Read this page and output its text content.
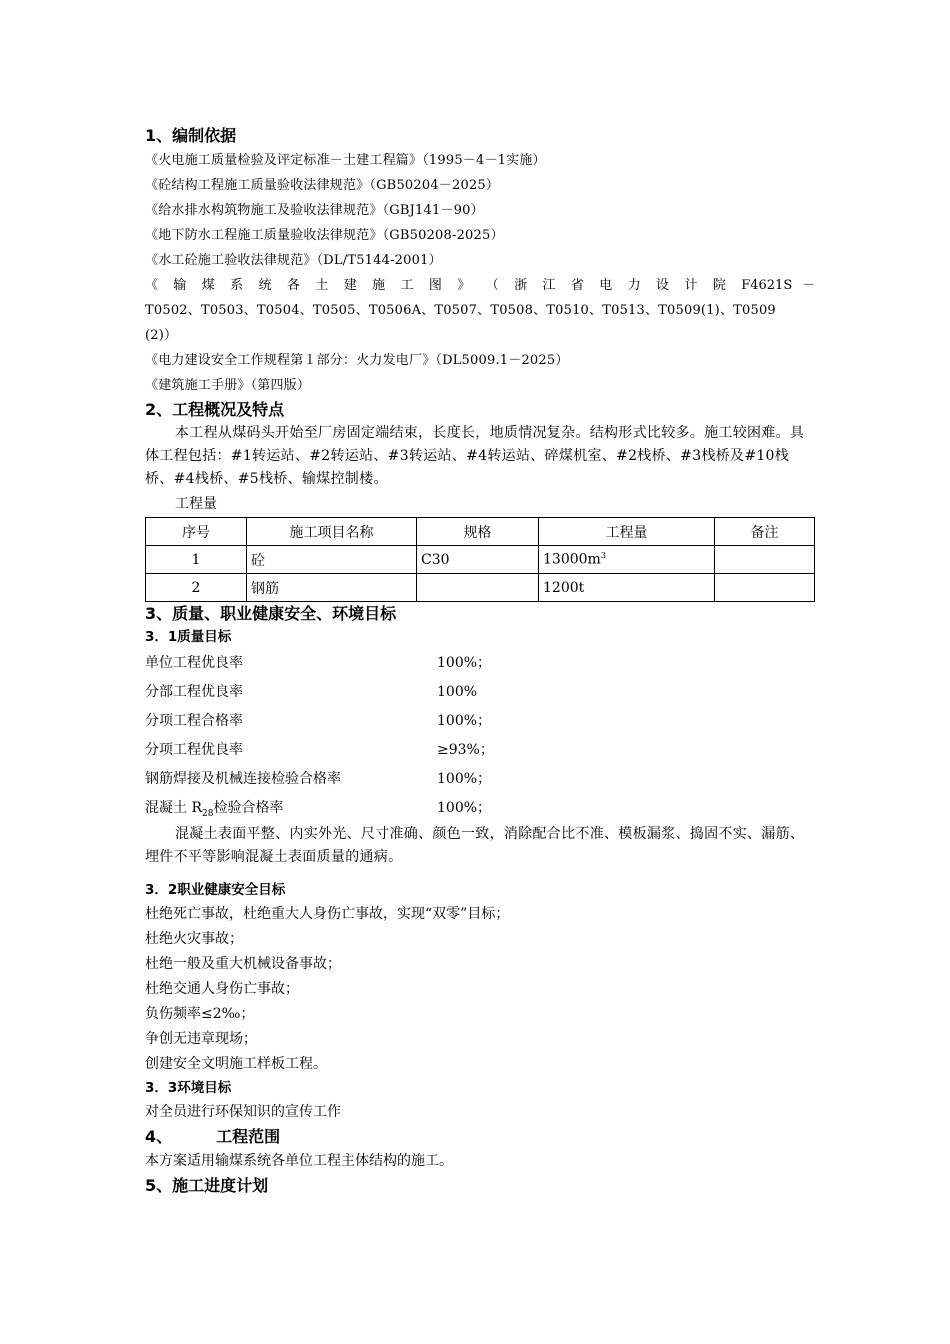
1、编制依据
《火电施工质量检验及评定标准－土建工程篇》（1995－4－1实施）
《砼结构工程施工质量验收法律规范》（GB50204－2025）
《给水排水构筑物施工及验收法律规范》（GBJ141－90）
《地下防水工程施工质量验收法律规范》（GB50208-2025）
《水工砼施工验收法律规范》（DL/T5144-2001）
《 输 煤 系 统 各 土 建 施 工 图 》 （ 浙 江 省 电 力 设 计 院 F4621S －
T0502、T0503、T0504、T0505、T0506A、T0507、T0508、T0510、T0513、T0509(1)、T0509
(2)）
《电力建设安全工作规程第１部分：火力发电厂》（DL5009.1－2025）
《建筑施工手册》（第四版）
2、工程概况及特点
本工程从煤码头开始至厂房固定端结束，长度长，地质情况复杂。结构形式比较多。施工较困难。具体工程包括：#1转运站、#2转运站、#3转运站、#4转运站、碎煤机室、#2栈桥、#3栈桥及#10栈桥、#4栈桥、#5栈桥、输煤控制楼。
工程量
序号	施工项目名称	规格	工程量	备注
1	砼	C30	$13000m^3$	
2	钢筋		1200t	
3、质量、职业健康安全、环境目标
3．1质量目标
单位工程优良率	100%；
分部工程优良率	100%
分项工程合格率	100%；
分项工程优良率	≥93%；
钢筋焊接及机械连接检验合格率	100%；
混凝土 $R_{28}$检验合格率	100%；
混凝土表面平整、内实外光、尺寸准确、颜色一致，消除配合比不准、模板漏浆、捣固不实、漏筋、埋件不平等影响混凝土表面质量的通病。
3．2职业健康安全目标
杜绝死亡事故，杜绝重大人身伤亡事故，实现“双零”目标；
杜绝火灾事故；
杜绝一般及重大机械设备事故；
杜绝交通人身伤亡事故；
负伤频率≤2‰；
争创无违章现场；
创建安全文明施工样板工程。
3．3环境目标
对全员进行环保知识的宣传工作
4、	工程范围
本方案适用输煤系统各单位工程主体结构的施工。
5、施工进度计划
